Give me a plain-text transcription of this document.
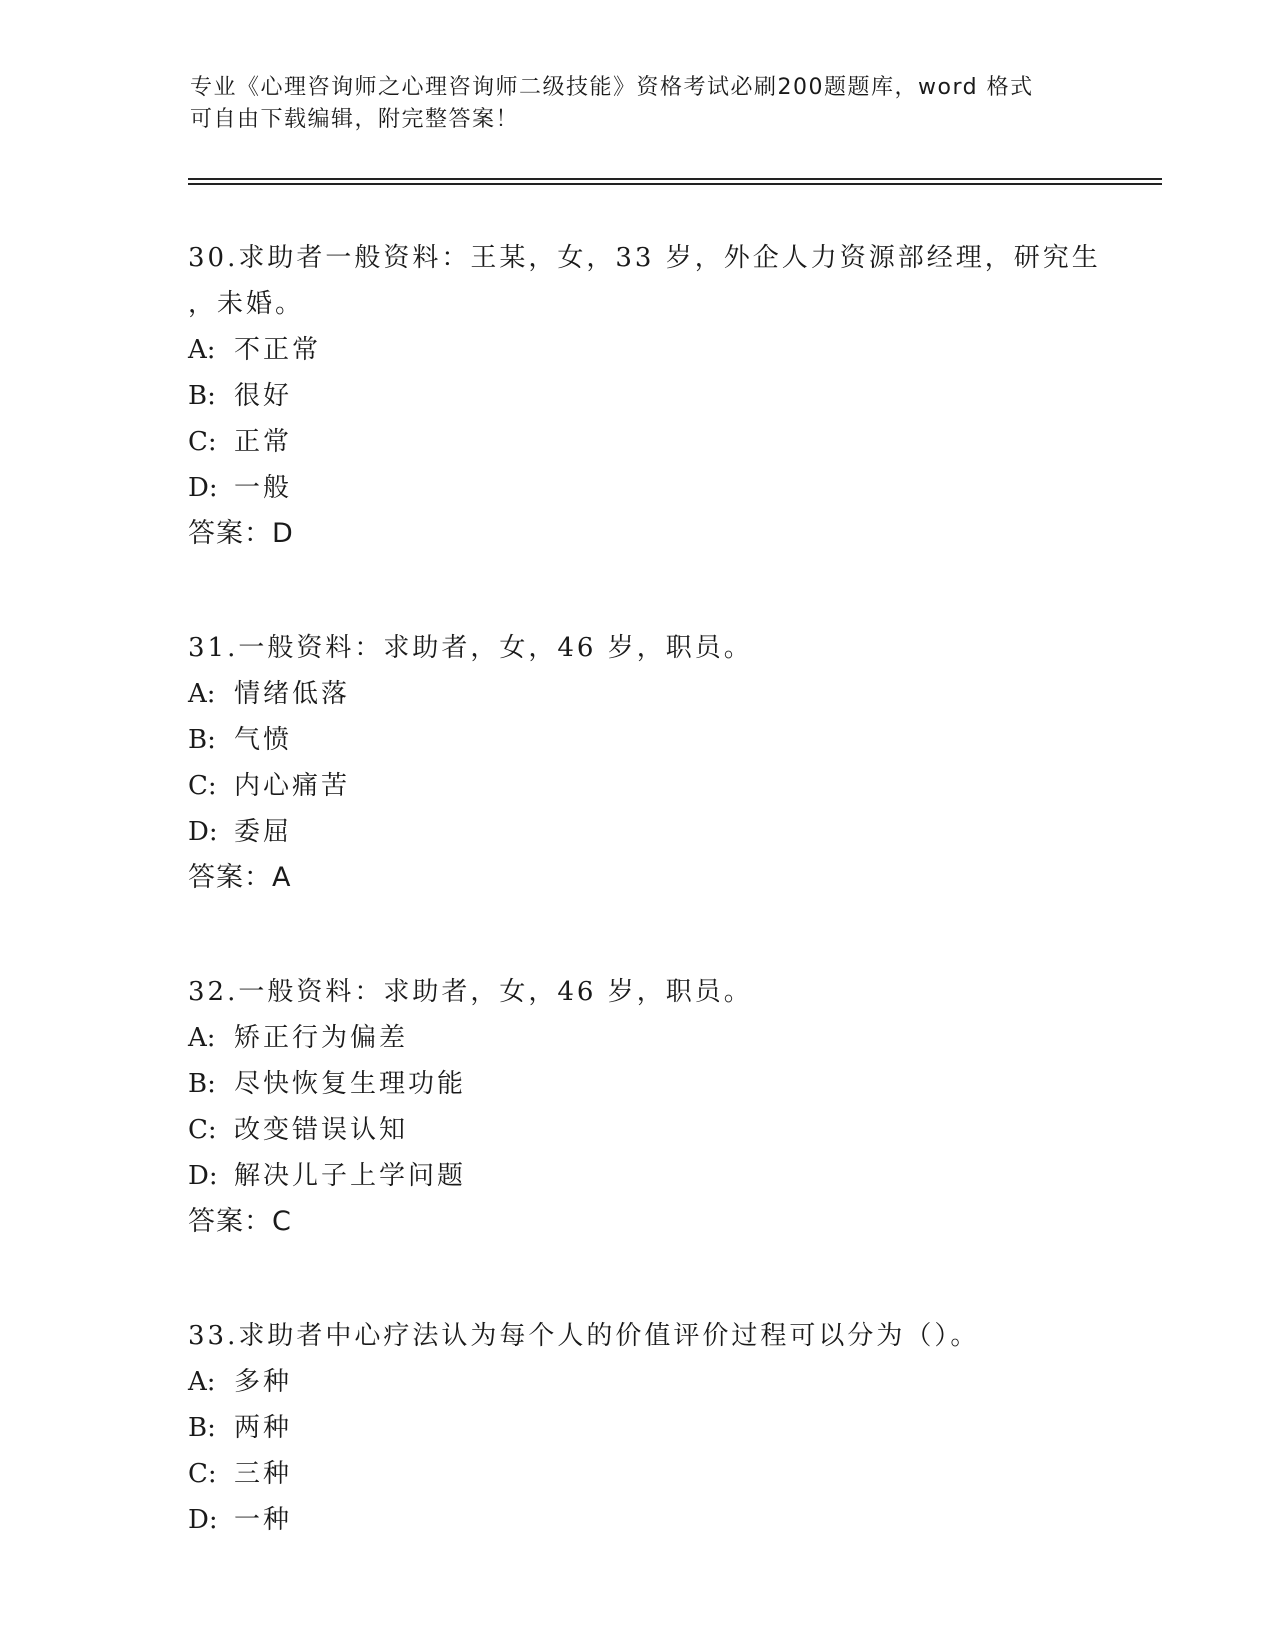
专业《心理咨询师之心理咨询师二级技能》资格考试必刷200题题库，word 格式
可自由下载编辑，附完整答案！
30.求助者一般资料：王某，女，33 岁，外企人力资源部经理，研究生
，未婚。
A: 不正常
B: 很好
C: 正常
D: 一般
答案：D
31.一般资料：求助者，女，46 岁，职员。
A: 情绪低落
B: 气愤
C: 内心痛苦
D: 委屈
答案：A
32.一般资料：求助者，女，46 岁，职员。
A: 矫正行为偏差
B: 尽快恢复生理功能
C: 改变错误认知
D: 解决儿子上学问题
答案：C
33.求助者中心疗法认为每个人的价值评价过程可以分为（）。
A: 多种
B: 两种
C: 三种
D: 一种
